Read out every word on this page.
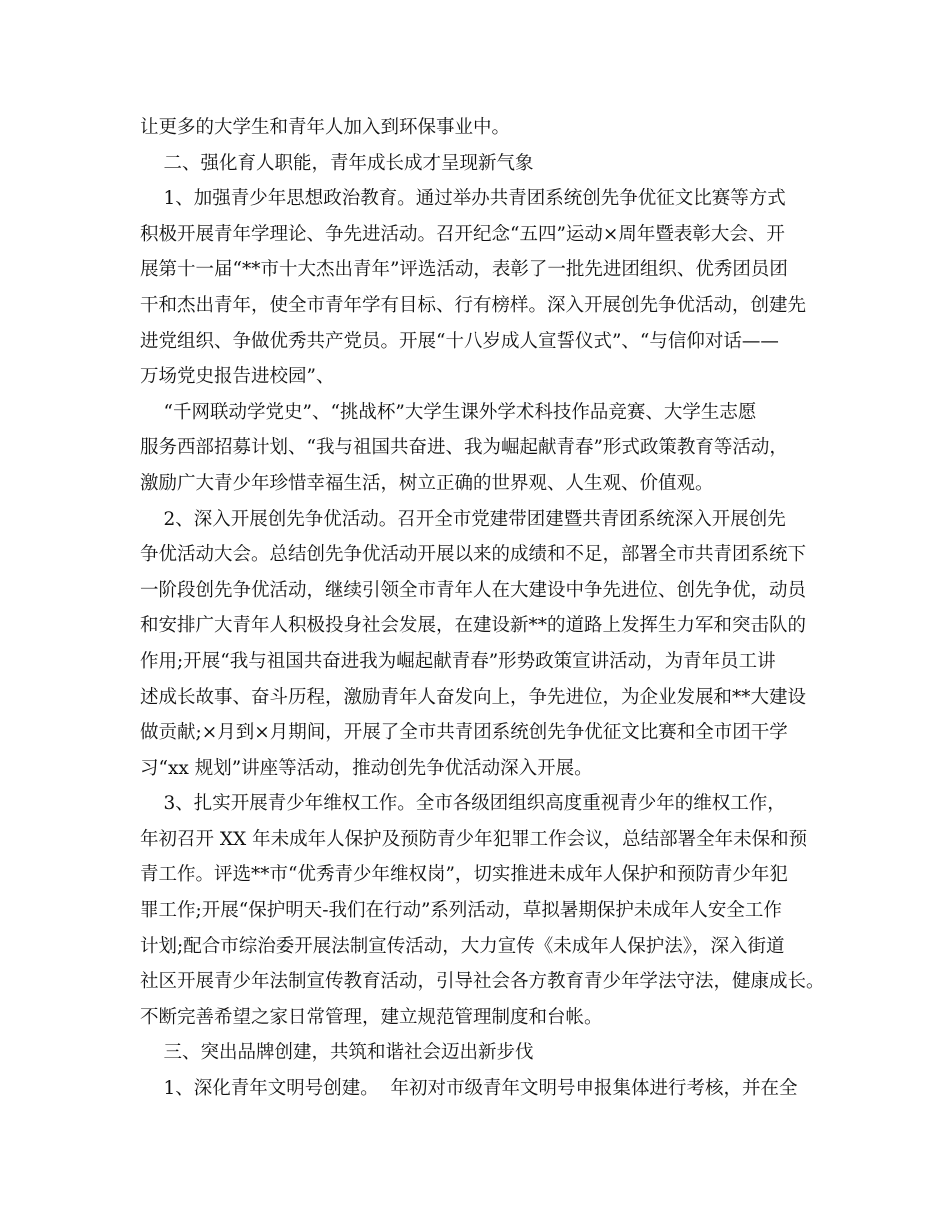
让更多的大学生和青年人加入到环保事业中。
二、强化育人职能，青年成长成才呈现新气象
1、加强青少年思想政治教育。通过举办共青团系统创先争优征文比赛等方式
积极开展青年学理论、争先进活动。召开纪念“五四”运动×周年暨表彰大会、开
展第十一届“**市十大杰出青年”评选活动，表彰了一批先进团组织、优秀团员团
干和杰出青年，使全市青年学有目标、行有榜样。深入开展创先争优活动，创建先
进党组织、争做优秀共产党员。开展“十八岁成人宣誓仪式”、“与信仰对话——
万场党史报告进校园”、
“千网联动学党史”、“挑战杯”大学生课外学术科技作品竞赛、大学生志愿
服务西部招募计划、“我与祖国共奋进、我为崛起献青春”形式政策教育等活动，
激励广大青少年珍惜幸福生活，树立正确的世界观、人生观、价值观。
2、深入开展创先争优活动。召开全市党建带团建暨共青团系统深入开展创先
争优活动大会。总结创先争优活动开展以来的成绩和不足，部署全市共青团系统下
一阶段创先争优活动，继续引领全市青年人在大建设中争先进位、创先争优，动员
和安排广大青年人积极投身社会发展，在建设新**的道路上发挥生力军和突击队的
作用;开展“我与祖国共奋进我为崛起献青春”形势政策宣讲活动，为青年员工讲
述成长故事、奋斗历程，激励青年人奋发向上，争先进位，为企业发展和**大建设
做贡献;×月到×月期间，开展了全市共青团系统创先争优征文比赛和全市团干学
习“xx 规划”讲座等活动，推动创先争优活动深入开展。
3、扎实开展青少年维权工作。全市各级团组织高度重视青少年的维权工作，
年初召开 XX 年未成年人保护及预防青少年犯罪工作会议，总结部署全年未保和预
青工作。评选**市“优秀青少年维权岗”，切实推进未成年人保护和预防青少年犯
罪工作;开展“保护明天-我们在行动”系列活动，草拟暑期保护未成年人安全工作
计划;配合市综治委开展法制宣传活动，大力宣传《未成年人保护法》，深入街道
社区开展青少年法制宣传教育活动，引导社会各方教育青少年学法守法，健康成长。
不断完善希望之家日常管理，建立规范管理制度和台帐。
三、突出品牌创建，共筑和谐社会迈出新步伐
1、深化青年文明号创建。  年初对市级青年文明号申报集体进行考核，并在全
